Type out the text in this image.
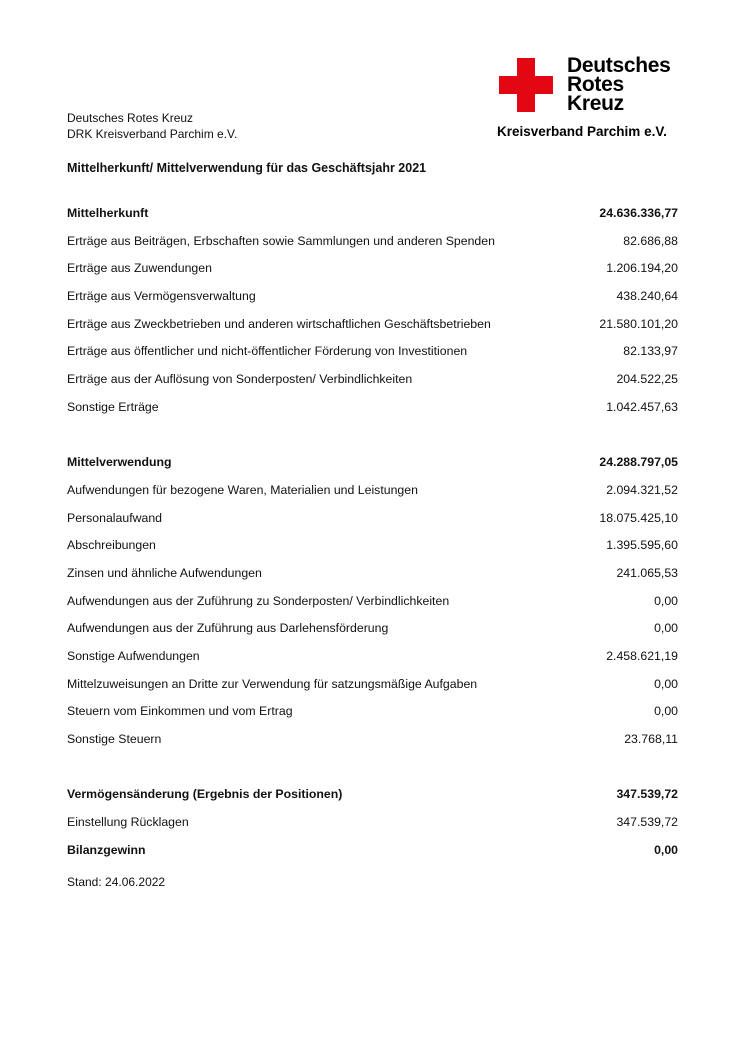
Deutsches
Rotes
Kreuz
Kreisverband Parchim e.V.
Deutsches Rotes Kreuz
DRK Kreisverband Parchim e.V.
Mittelherkunft/ Mittelverwendung für das Geschäftsjahr 2021
Mittelherkunft	24.636.336,77
Erträge aus Beiträgen, Erbschaften sowie Sammlungen und anderen Spenden	82.686,88
Erträge aus Zuwendungen	1.206.194,20
Erträge aus Vermögensverwaltung	438.240,64
Erträge aus Zweckbetrieben und anderen wirtschaftlichen Geschäftsbetrieben	21.580.101,20
Erträge aus öffentlicher und nicht-öffentlicher Förderung von Investitionen	82.133,97
Erträge aus der Auflösung von Sonderposten/ Verbindlichkeiten	204.522,25
Sonstige Erträge	1.042.457,63
Mittelverwendung	24.288.797,05
Aufwendungen für bezogene Waren, Materialien und Leistungen	2.094.321,52
Personalaufwand	18.075.425,10
Abschreibungen	1.395.595,60
Zinsen und ähnliche Aufwendungen	241.065,53
Aufwendungen aus der Zuführung zu Sonderposten/ Verbindlichkeiten	0,00
Aufwendungen aus der Zuführung aus Darlehensförderung	0,00
Sonstige Aufwendungen	2.458.621,19
Mittelzuweisungen an Dritte zur Verwendung für satzungsmäßige Aufgaben	0,00
Steuern vom Einkommen und vom Ertrag	0,00
Sonstige Steuern	23.768,11
Vermögensänderung (Ergebnis der Positionen)	347.539,72
Einstellung Rücklagen	347.539,72
Bilanzgewinn	0,00
Stand: 24.06.2022
